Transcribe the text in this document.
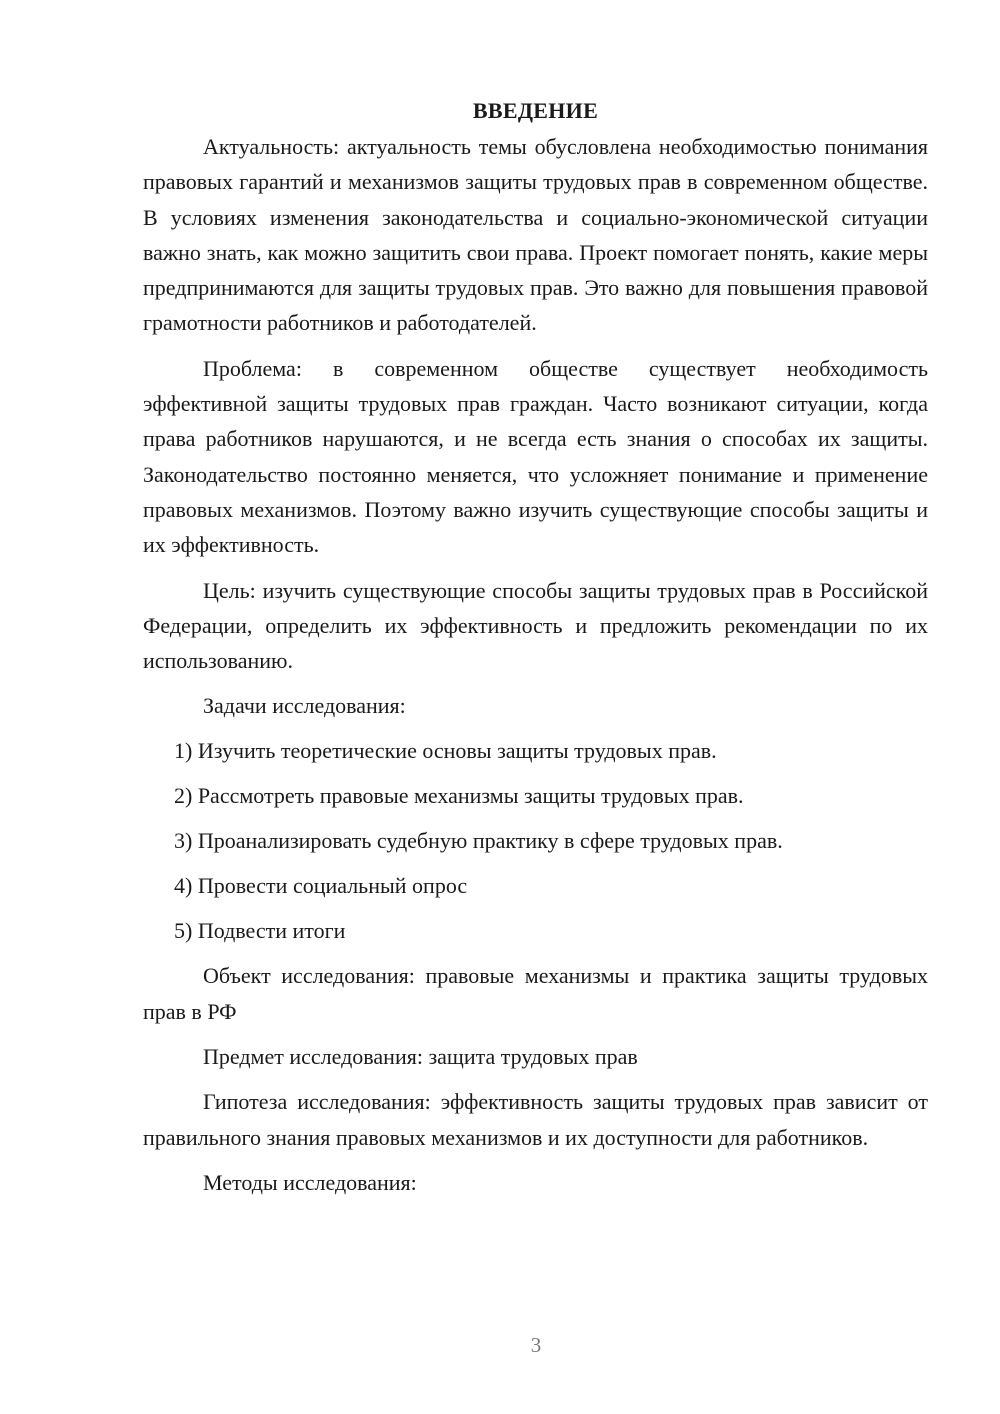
ВВЕДЕНИЕ

Актуальность: актуальность темы обусловлена необходимостью понимания правовых гарантий и механизмов защиты трудовых прав в современном обществе. В условиях изменения законодательства и социально-экономической ситуации важно знать, как можно защитить свои права. Проект помогает понять, какие меры предпринимаются для защиты трудовых прав. Это важно для повышения правовой грамотности работников и работодателей.

Проблема: в современном обществе существует необходимость эффективной защиты трудовых прав граждан. Часто возникают ситуации, когда права работников нарушаются, и не всегда есть знания о способах их защиты. Законодательство постоянно меняется, что усложняет понимание и применение правовых механизмов. Поэтому важно изучить существующие способы защиты и их эффективность.

Цель: изучить существующие способы защиты трудовых прав в Российской Федерации, определить их эффективность и предложить рекомендации по их использованию.

Задачи исследования:

1) Изучить теоретические основы защиты трудовых прав.
2) Рассмотреть правовые механизмы защиты трудовых прав.
3) Проанализировать судебную практику в сфере трудовых прав.
4) Провести социальный опрос
5) Подвести итоги

Объект исследования: правовые механизмы и практика защиты трудовых прав в РФ

Предмет исследования: защита трудовых прав

Гипотеза исследования: эффективность защиты трудовых прав зависит от правильного знания правовых механизмов и их доступности для работников.

Методы исследования:

3
